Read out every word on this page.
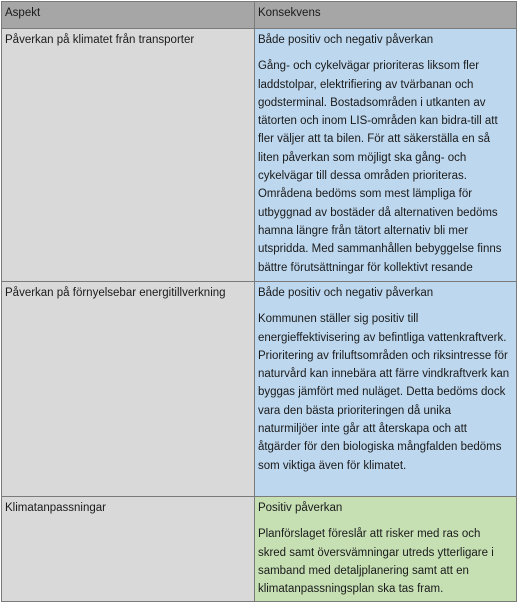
Aspekt	Konsekvens
Påverkan på klimatet från transporter	Både positiv och negativ påverkan
Gång- och cykelvägar prioriteras liksom fler laddstolpar, elektrifiering av tvärbanan och godsterminal. Bostadsområden i utkanten av tätorten och inom LIS-områden kan bidra-till att fler väljer att ta bilen. För att säkerställa en så liten påverkan som möjligt ska gång- och cykelvägar till dessa områden prioriteras. Områdena bedöms som mest lämpliga för utbyggnad av bostäder då alternativen bedöms hamna längre från tätort alternativ bli mer utspridda. Med sammanhållen bebyggelse finns bättre förutsättningar för kollektivt resande

Påverkan på förnyelsebar energitillverkning	Både positiv och negativ påverkan
Kommunen ställer sig positiv till energieffektivisering av befintliga vattenkraftverk. Prioritering av friluftsområden och riksintresse för naturvård kan innebära att färre vindkraftverk kan byggas jämfört med nuläget. Detta bedöms dock vara den bästa prioriteringen då unika naturmiljöer inte går att återskapa och att åtgärder för den biologiska mångfalden bedöms som viktiga även för klimatet.

Klimatanpassningar	Positiv påverkan
Planförslaget föreslår att risker med ras och skred samt översvämningar utreds ytterligare i samband med detaljplanering samt att en klimatanpassningsplan ska tas fram.
